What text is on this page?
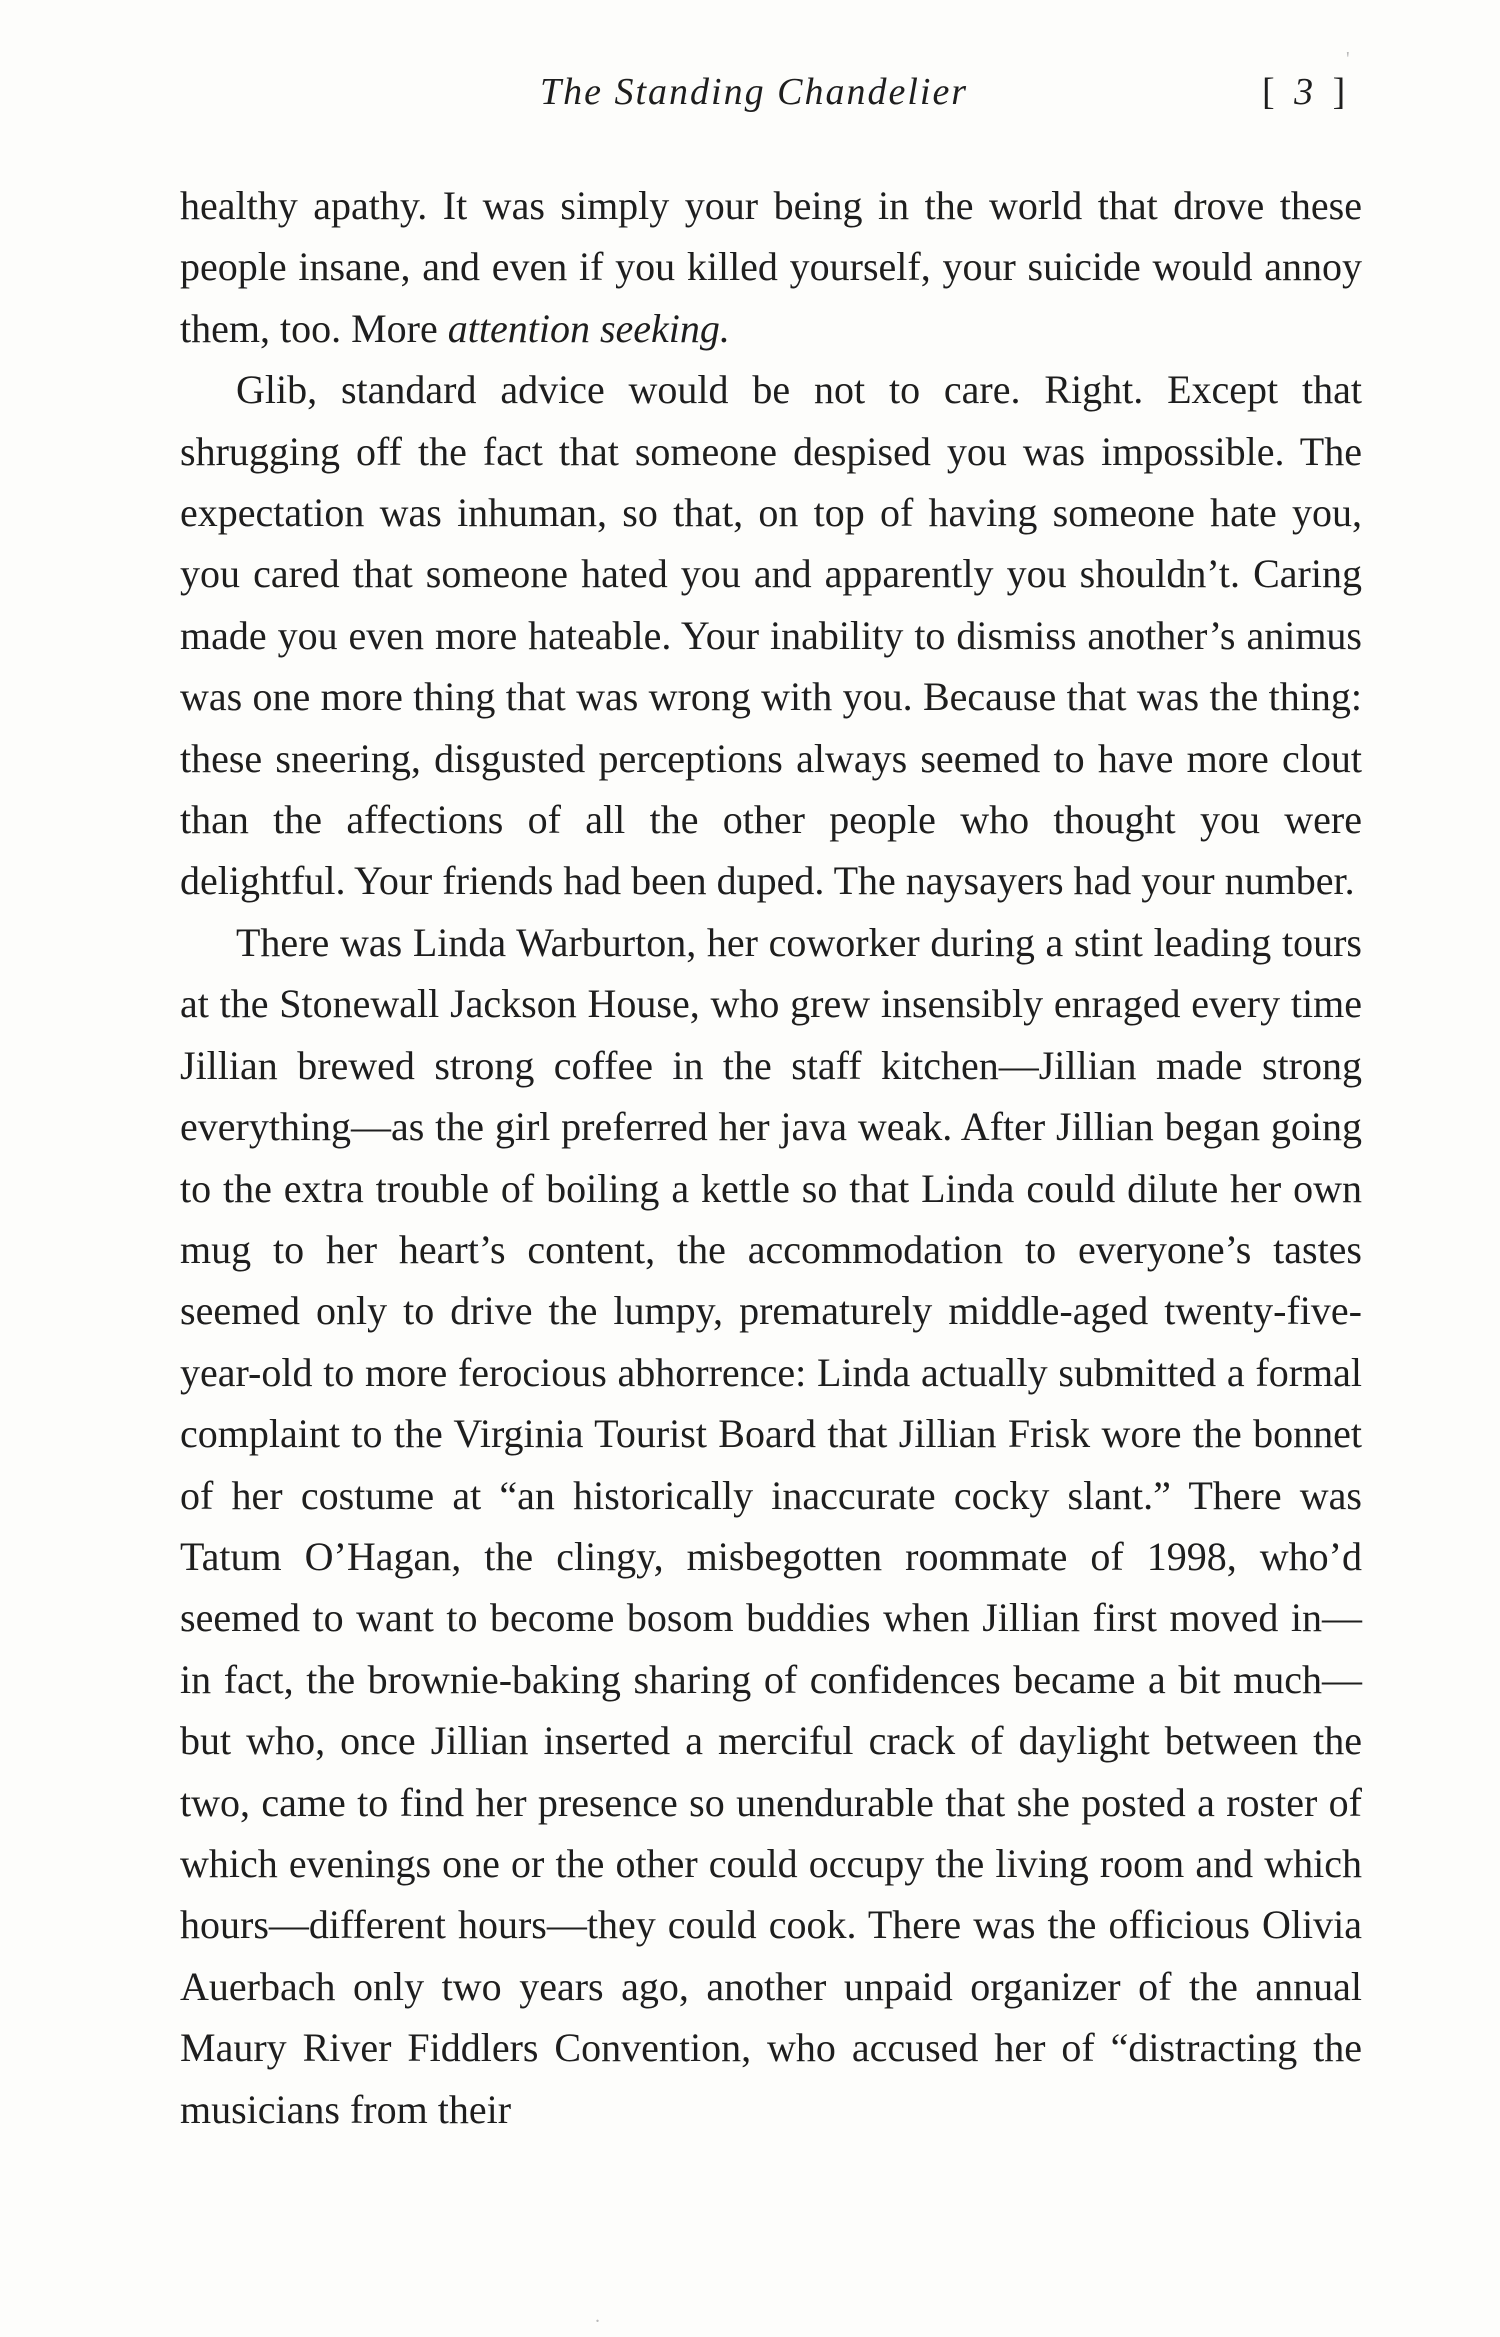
The Standing Chandelier	[ 3 ]

healthy apathy. It was simply your being in the world that drove these people insane, and even if you killed yourself, your suicide would annoy them, too. More attention seeking.

Glib, standard advice would be not to care. Right. Except that shrugging off the fact that someone despised you was impossible. The expectation was inhuman, so that, on top of having someone hate you, you cared that someone hated you and apparently you shouldn’t. Caring made you even more hateable. Your inability to dismiss another’s animus was one more thing that was wrong with you. Because that was the thing: these sneering, disgusted perceptions always seemed to have more clout than the affections of all the other people who thought you were delightful. Your friends had been duped. The naysayers had your number.

There was Linda Warburton, her coworker during a stint leading tours at the Stonewall Jackson House, who grew insensibly enraged every time Jillian brewed strong coffee in the staff kitchen—Jillian made strong everything—as the girl preferred her java weak. After Jillian began going to the extra trouble of boiling a kettle so that Linda could dilute her own mug to her heart’s content, the accommodation to everyone’s tastes seemed only to drive the lumpy, prematurely middle-aged twenty-five-year-old to more ferocious abhorrence: Linda actually submitted a formal complaint to the Virginia Tourist Board that Jillian Frisk wore the bonnet of her costume at “an historically inaccurate cocky slant.” There was Tatum O’Hagan, the clingy, misbegotten roommate of 1998, who’d seemed to want to become bosom buddies when Jillian first moved in—in fact, the brownie-baking sharing of confidences became a bit much—but who, once Jillian inserted a merciful crack of daylight between the two, came to find her presence so unendurable that she posted a roster of which evenings one or the other could occupy the living room and which hours—different hours—they could cook. There was the officious Olivia Auerbach only two years ago, another unpaid organizer of the annual Maury River Fiddlers Convention, who accused her of “distracting the musicians from their

'
.
